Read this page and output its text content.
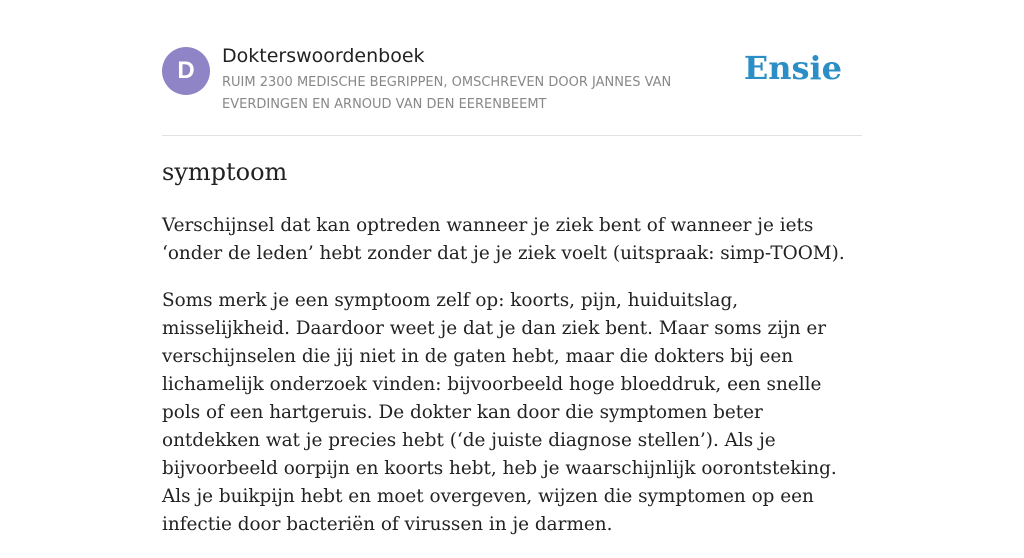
D
Dokterswoordenboek
RUIM 2300 MEDISCHE BEGRIPPEN, OMSCHREVEN DOOR JANNES VAN EVERDINGEN EN ARNOUD VAN DEN EERENBEEMT
Ensie
symptoom

Verschijnsel dat kan optreden wanneer je ziek bent of wanneer je iets ‘onder de leden’ hebt zonder dat je je ziek voelt (uitspraak: simp-TOOM).

Soms merk je een symptoom zelf op: koorts, pijn, huiduitslag, misselijkheid. Daardoor weet je dat je dan ziek bent. Maar soms zijn er verschijnselen die jij niet in de gaten hebt, maar die dokters bij een lichamelijk onderzoek vinden: bijvoorbeeld hoge bloeddruk, een snelle pols of een hartgeruis. De dokter kan door die symptomen beter ontdekken wat je precies hebt (‘de juiste diagnose stellen’). Als je bijvoorbeeld oorpijn en koorts hebt, heb je waarschijnlijk oorontsteking. Als je buikpijn hebt en moet overgeven, wijzen die symptomen op een infectie door bacteriën of virussen in je darmen.
